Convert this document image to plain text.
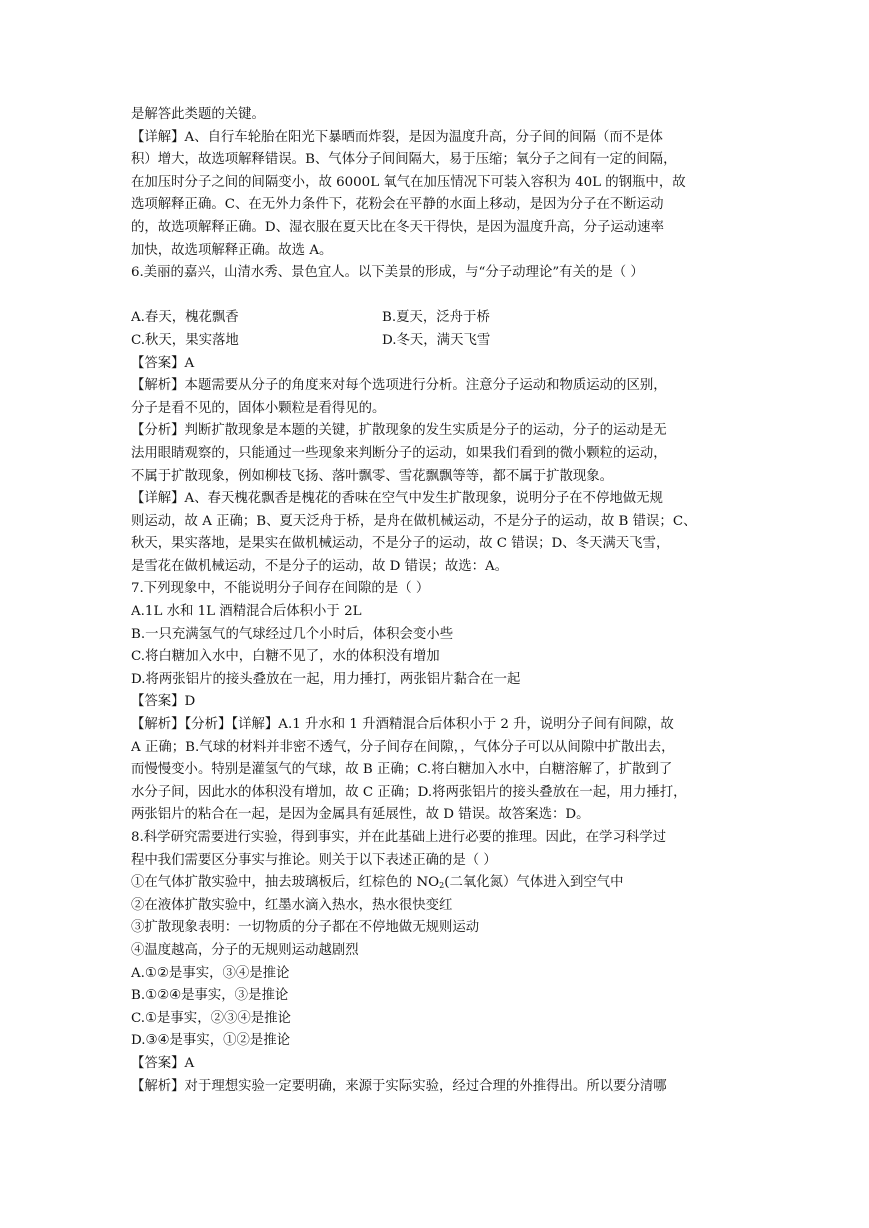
是解答此类题的关键。
【详解】A、自行车轮胎在阳光下暴晒而炸裂，是因为温度升高，分子间的间隔（而不是体
积）增大，故选项解释错误。B、气体分子间间隔大，易于压缩；氧分子之间有一定的间隔，
在加压时分子之间的间隔变小，故 6000L 氧气在加压情况下可装入容积为 40L 的钢瓶中，故
选项解释正确。C、在无外力条件下，花粉会在平静的水面上移动，是因为分子在不断运动
的，故选项解释正确。D、湿衣服在夏天比在冬天干得快，是因为温度升高，分子运动速率
加快，故选项解释正确。故选 A。
6.美丽的嘉兴，山清水秀、景色宜人。以下美景的形成，与“分子动理论”有关的是（ ）
A.春天，槐花飘香	B.夏天，泛舟于桥
C.秋天，果实落地	D.冬天，满天飞雪
【答案】A
【解析】本题需要从分子的角度来对每个选项进行分析。注意分子运动和物质运动的区别，
分子是看不见的，固体小颗粒是看得见的。
【分析】判断扩散现象是本题的关键，扩散现象的发生实质是分子的运动，分子的运动是无
法用眼睛观察的，只能通过一些现象来判断分子的运动，如果我们看到的微小颗粒的运动，
不属于扩散现象，例如柳枝飞扬、落叶飘零、雪花飘飘等等，都不属于扩散现象。
【详解】A、春天槐花飘香是槐花的香味在空气中发生扩散现象，说明分子在不停地做无规
则运动，故 A 正确；B、夏天泛舟于桥，是舟在做机械运动，不是分子的运动，故 B 错误；C、
秋天，果实落地，是果实在做机械运动，不是分子的运动，故 C 错误；D、冬天满天飞雪，
是雪花在做机械运动，不是分子的运动，故 D 错误；故选：A。
7.下列现象中，不能说明分子间存在间隙的是（ ）
A.1L 水和 1L 酒精混合后体积小于 2L
B.一只充满氢气的气球经过几个小时后，体积会变小些
C.将白糖加入水中，白糖不见了，水的体积没有增加
D.将两张铝片的接头叠放在一起，用力捶打，两张铝片黏合在一起
【答案】D
【解析】【分析】【详解】A.1 升水和 1 升酒精混合后体积小于 2 升，说明分子间有间隙，故
A 正确；B.气球的材料并非密不透气，分子间存在间隙，，气体分子可以从间隙中扩散出去，
而慢慢变小。特别是灌氢气的气球，故 B 正确；C.将白糖加入水中，白糖溶解了，扩散到了
水分子间，因此水的体积没有增加，故 C 正确；D.将两张铝片的接头叠放在一起，用力捶打，
两张铝片的粘合在一起，是因为金属具有延展性，故 D 错误。故答案选：D。
8.科学研究需要进行实验，得到事实，并在此基础上进行必要的推理。因此，在学习科学过
程中我们需要区分事实与推论。则关于以下表述正确的是（ ）
①在气体扩散实验中，抽去玻璃板后，红棕色的 $NO_2$(二氧化氮）气体进入到空气中
②在液体扩散实验中，红墨水滴入热水，热水很快变红
③扩散现象表明：一切物质的分子都在不停地做无规则运动
④温度越高，分子的无规则运动越剧烈
A.①②是事实，③④是推论
B.①②④是事实，③是推论
C.①是事实，②③④是推论
D.③④是事实，①②是推论
【答案】A
【解析】对于理想实验一定要明确，来源于实际实验，经过合理的外推得出。所以要分清哪
